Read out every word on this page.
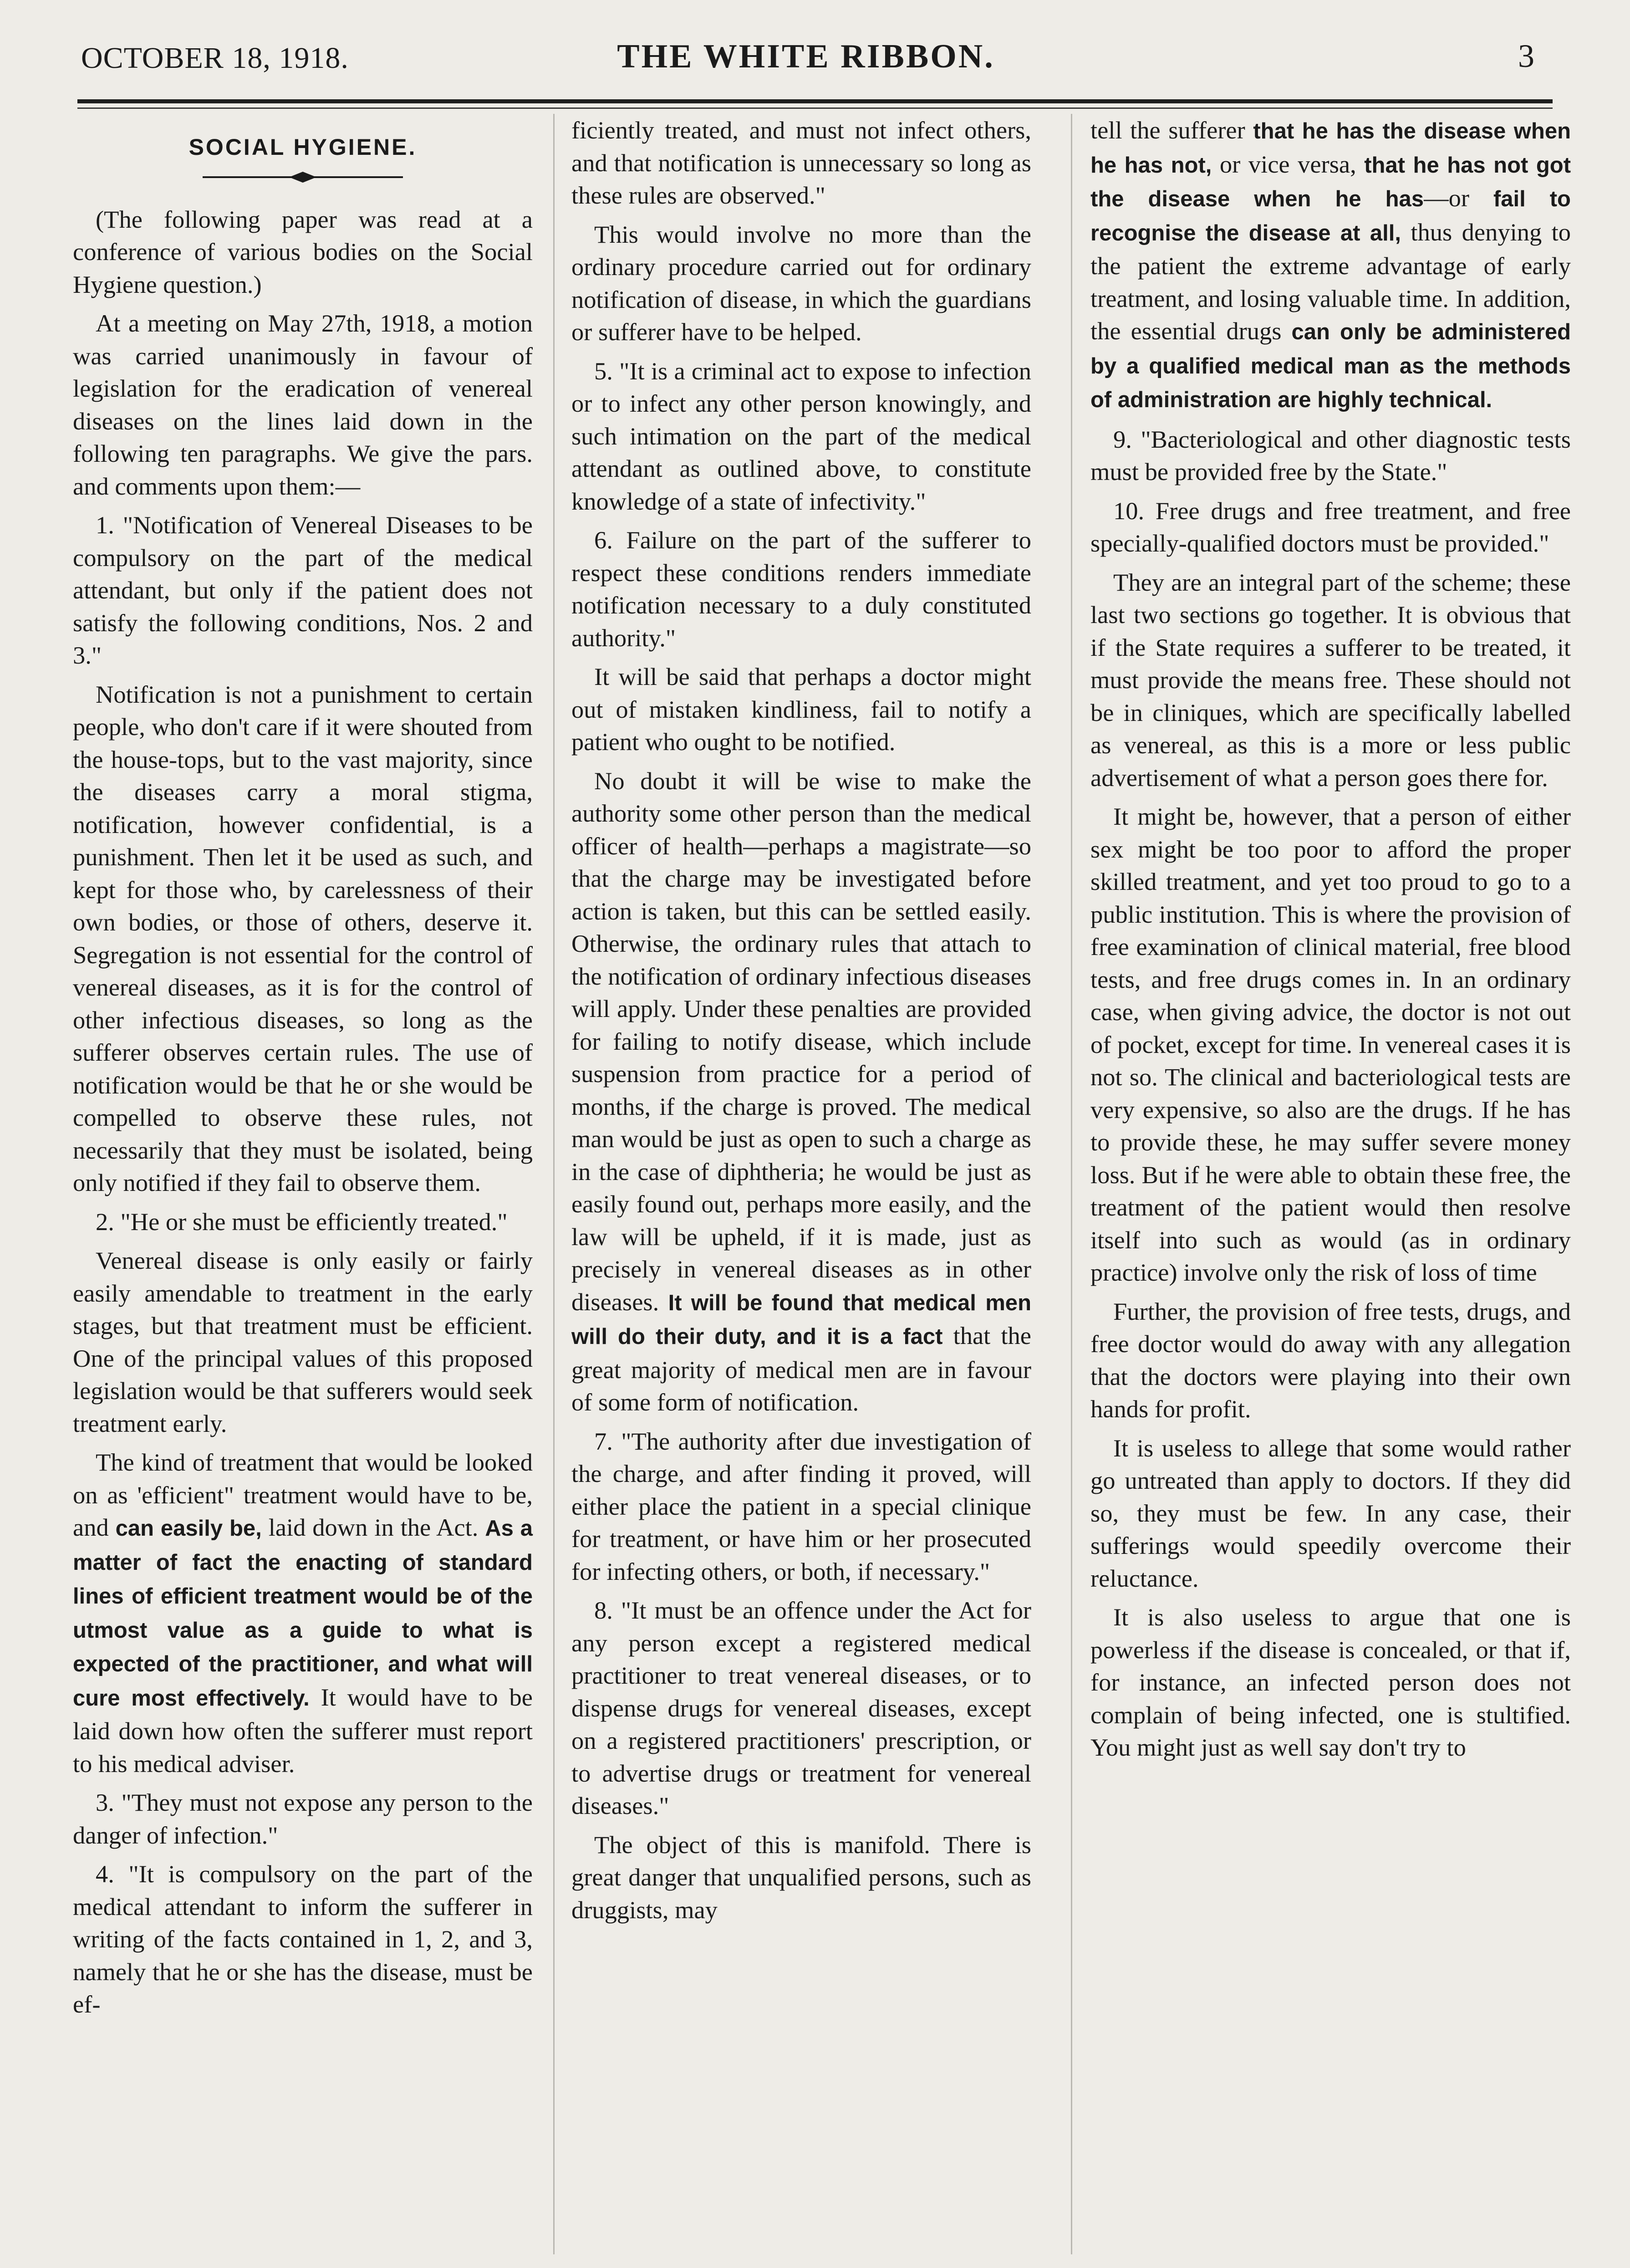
OCTOBER 18, 1918.	THE WHITE RIBBON.	3
SOCIAL HYGIENE.

(The following paper was read at a conference of various bodies on the Social Hygiene question.)

At a meeting on May 27th, 1918, a motion was carried unanimously in favour of legislation for the eradication of venereal diseases on the lines laid down in the following ten paragraphs. We give the pars. and comments upon them:—

1. "Notification of Venereal Diseases to be compulsory on the part of the medical attendant, but only if the patient does not satisfy the following conditions, Nos. 2 and 3."

Notification is not a punishment to certain people, who don't care if it were shouted from the house-tops, but to the vast majority, since the diseases carry a moral stigma, notification, however confidential, is a punishment. Then let it be used as such, and kept for those who, by carelessness of their own bodies, or those of others, deserve it. Segregation is not essential for the control of venereal diseases, as it is for the control of other infectious diseases, so long as the sufferer observes certain rules. The use of notification would be that he or she would be compelled to observe these rules, not necessarily that they must be isolated, being only notified if they fail to observe them.

2. "He or she must be efficiently treated."

Venereal disease is only easily or fairly easily amendable to treatment in the early stages, but that treatment must be efficient. One of the principal values of this proposed legislation would be that sufferers would seek treatment early.

The kind of treatment that would be looked on as 'efficient" treatment would have to be, and can easily be, laid down in the Act. As a matter of fact the enacting of standard lines of efficient treatment would be of the utmost value as a guide to what is expected of the practitioner, and what will cure most effectively. It would have to be laid down how often the sufferer must report to his medical adviser.

3. "They must not expose any person to the danger of infection."

4. "It is compulsory on the part of the medical attendant to inform the sufferer in writing of the facts contained in 1, 2, and 3, namely that he or she has the disease, must be ef-

ficiently treated, and must not infect others, and that notification is unnecessary so long as these rules are observed."

This would involve no more than the ordinary procedure carried out for ordinary notification of disease, in which the guardians or sufferer have to be helped.

5. "It is a criminal act to expose to infection or to infect any other person knowingly, and such intimation on the part of the medical attendant as outlined above, to constitute knowledge of a state of infectivity."

6. Failure on the part of the sufferer to respect these conditions renders immediate notification necessary to a duly constituted authority."

It will be said that perhaps a doctor might out of mistaken kindliness, fail to notify a patient who ought to be notified.

No doubt it will be wise to make the authority some other person than the medical officer of health—perhaps a magistrate—so that the charge may be investigated before action is taken, but this can be settled easily. Otherwise, the ordinary rules that attach to the notification of ordinary infectious diseases will apply. Under these penalties are provided for failing to notify disease, which include suspension from practice for a period of months, if the charge is proved. The medical man would be just as open to such a charge as in the case of diphtheria; he would be just as easily found out, perhaps more easily, and the law will be upheld, if it is made, just as precisely in venereal diseases as in other diseases. It will be found that medical men will do their duty, and it is a fact that the great majority of medical men are in favour of some form of notification.

7. "The authority after due investigation of the charge, and after finding it proved, will either place the patient in a special clinique for treatment, or have him or her prosecuted for infecting others, or both, if necessary."

8. "It must be an offence under the Act for any person except a registered medical practitioner to treat venereal diseases, or to dispense drugs for venereal diseases, except on a registered practitioners' prescription, or to advertise drugs or treatment for venereal diseases."

The object of this is manifold. There is great danger that unqualified persons, such as druggists, may

tell the sufferer that he has the disease when he has not, or vice versa, that he has not got the disease when he has—or fail to recognise the disease at all, thus denying to the patient the extreme advantage of early treatment, and losing valuable time. In addition, the essential drugs can only be administered by a qualified medical man as the methods of administration are highly technical.

9. "Bacteriological and other diagnostic tests must be provided free by the State."

10. Free drugs and free treatment, and free specially-qualified doctors must be provided."

They are an integral part of the scheme; these last two sections go together. It is obvious that if the State requires a sufferer to be treated, it must provide the means free. These should not be in cliniques, which are specifically labelled as venereal, as this is a more or less public advertisement of what a person goes there for.

It might be, however, that a person of either sex might be too poor to afford the proper skilled treatment, and yet too proud to go to a public institution. This is where the provision of free examination of clinical material, free blood tests, and free drugs comes in. In an ordinary case, when giving advice, the doctor is not out of pocket, except for time. In venereal cases it is not so. The clinical and bacteriological tests are very expensive, so also are the drugs. If he has to provide these, he may suffer severe money loss. But if he were able to obtain these free, the treatment of the patient would then resolve itself into such as would (as in ordinary practice) involve only the risk of loss of time

Further, the provision of free tests, drugs, and free doctor would do away with any allegation that the doctors were playing into their own hands for profit.

It is useless to allege that some would rather go untreated than apply to doctors. If they did so, they must be few. In any case, their sufferings would speedily overcome their reluctance.

It is also useless to argue that one is powerless if the disease is concealed, or that if, for instance, an infected person does not complain of being infected, one is stultified. You might just as well say don't try to
